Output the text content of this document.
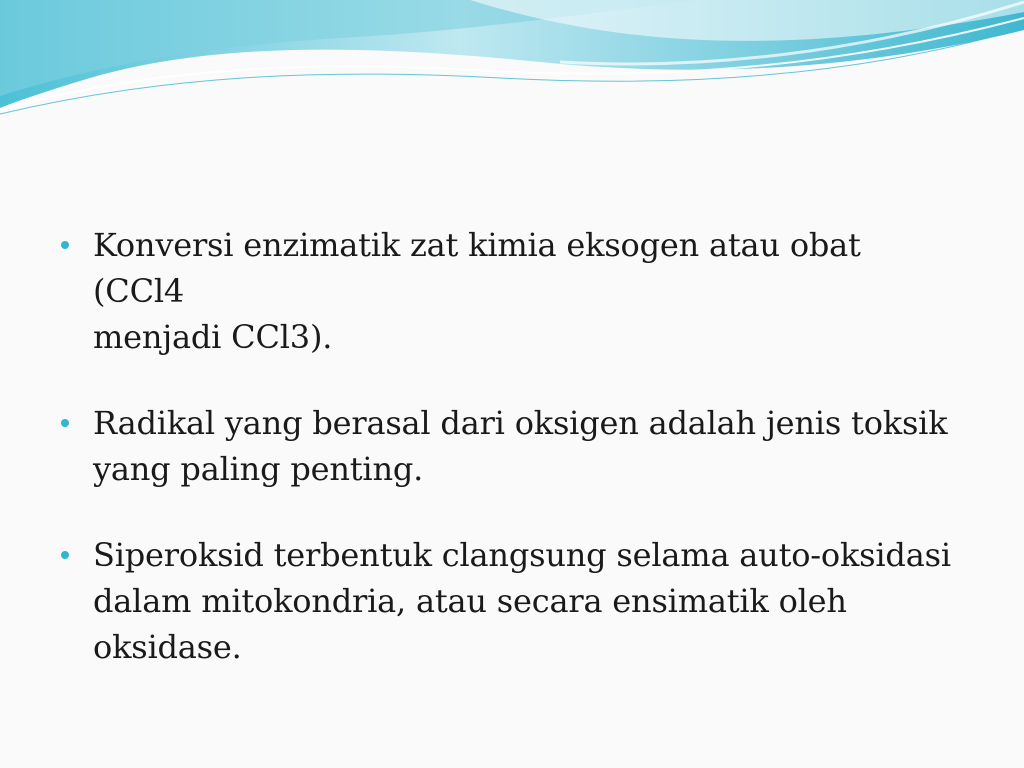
Konversi enzimatik zat kimia eksogen atau obat (CCl4
menjadi CCl3).
Radikal yang berasal dari oksigen adalah jenis toksik
yang paling penting.
Siperoksid terbentuk clangsung selama auto-oksidasi
dalam mitokondria, atau secara ensimatik oleh
oksidase.
